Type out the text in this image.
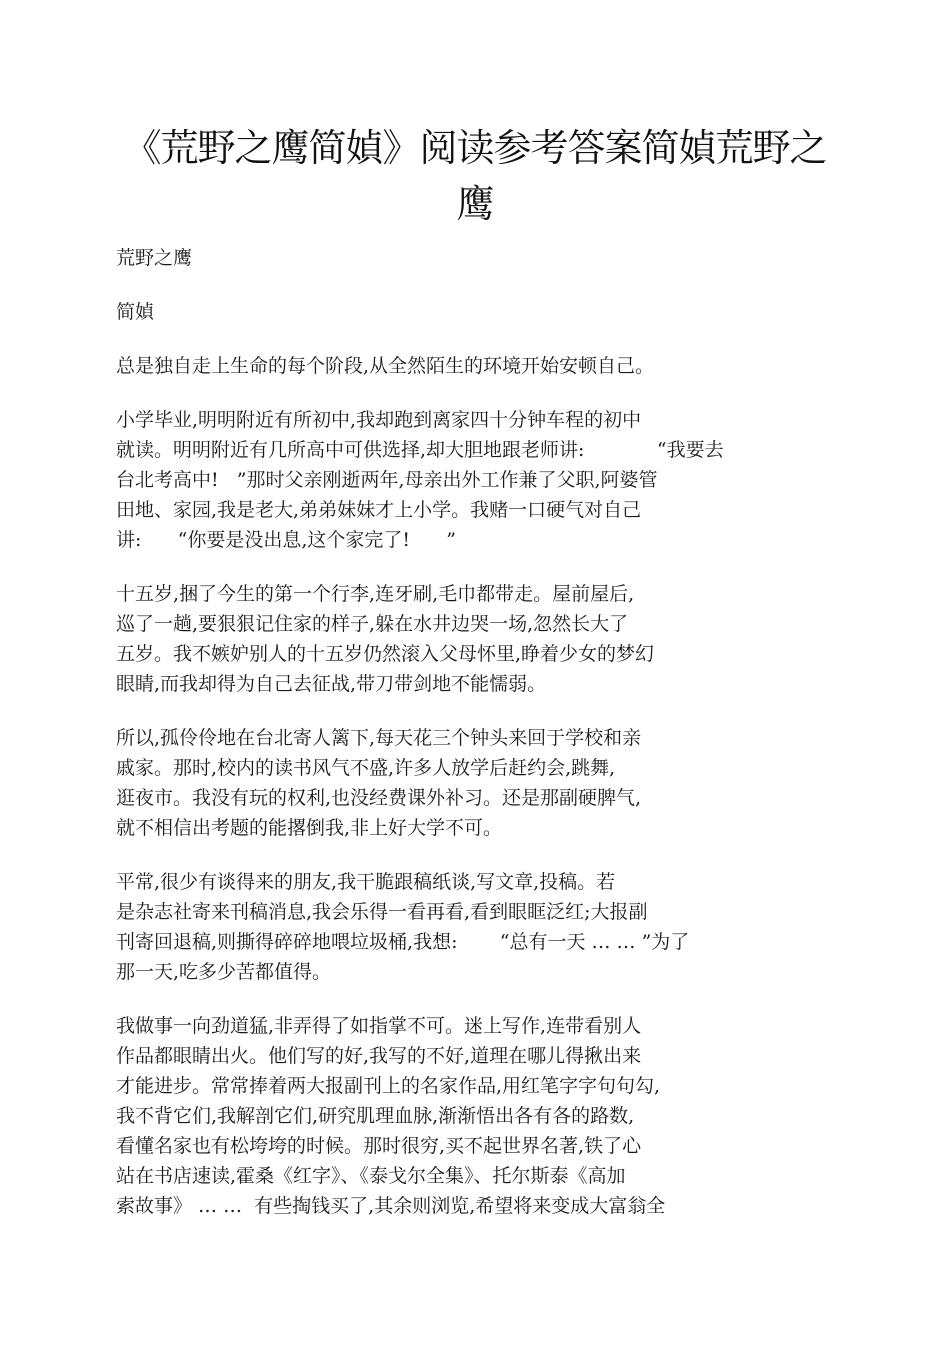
《荒野之鹰简媜》阅读参考答案简媜荒野之
鹰

荒野之鹰

简媜

总是独自走上生命的每个阶段,从全然陌生的环境开始安顿自己。

小学毕业,明明附近有所初中,我却跑到离家四十分钟车程的初中
就读。明明附近有几所高中可供选择,却大胆地跟老师讲:            “我要去
台北考高中!   ”那时父亲刚逝两年,母亲出外工作兼了父职,阿婆管
田地、家园,我是老大,弟弟妹妹才上小学。我赌一口硬气对自己
讲:      “你要是没出息,这个家完了!      ”

十五岁,捆了今生的第一个行李,连牙刷,毛巾都带走。屋前屋后,
巡了一趟,要狠狠记住家的样子,躲在水井边哭一场,忽然长大了
五岁。我不嫉妒别人的十五岁仍然滚入父母怀里,睁着少女的梦幻
眼睛,而我却得为自己去征战,带刀带剑地不能懦弱。

所以,孤伶伶地在台北寄人篱下,每天花三个钟头来回于学校和亲
戚家。那时,校内的读书风气不盛,许多人放学后赶约会,跳舞,
逛夜市。我没有玩的权利,也没经费课外补习。还是那副硬脾气,
就不相信出考题的能撂倒我,非上好大学不可。

平常,很少有谈得来的朋友,我干脆跟稿纸谈,写文章,投稿。若
是杂志社寄来刊稿消息,我会乐得一看再看,看到眼眶泛红;大报副
刊寄回退稿,则撕得碎碎地喂垃圾桶,我想:       “总有一天 … … ”为了
那一天,吃多少苦都值得。

我做事一向劲道猛,非弄得了如指掌不可。迷上写作,连带看别人
作品都眼睛出火。他们写的好,我写的不好,道理在哪儿得揪出来
才能进步。常常捧着两大报副刊上的名家作品,用红笔字字句句勾,
我不背它们,我解剖它们,研究肌理血脉,渐渐悟出各有各的路数,
看懂名家也有松垮垮的时候。那时很穷,买不起世界名著,铁了心
站在书店速读,霍桑《红字》、《泰戈尔全集》、托尔斯泰《高加
索故事》 … …  有些掏钱买了,其余则浏览,希望将来变成大富翁全
